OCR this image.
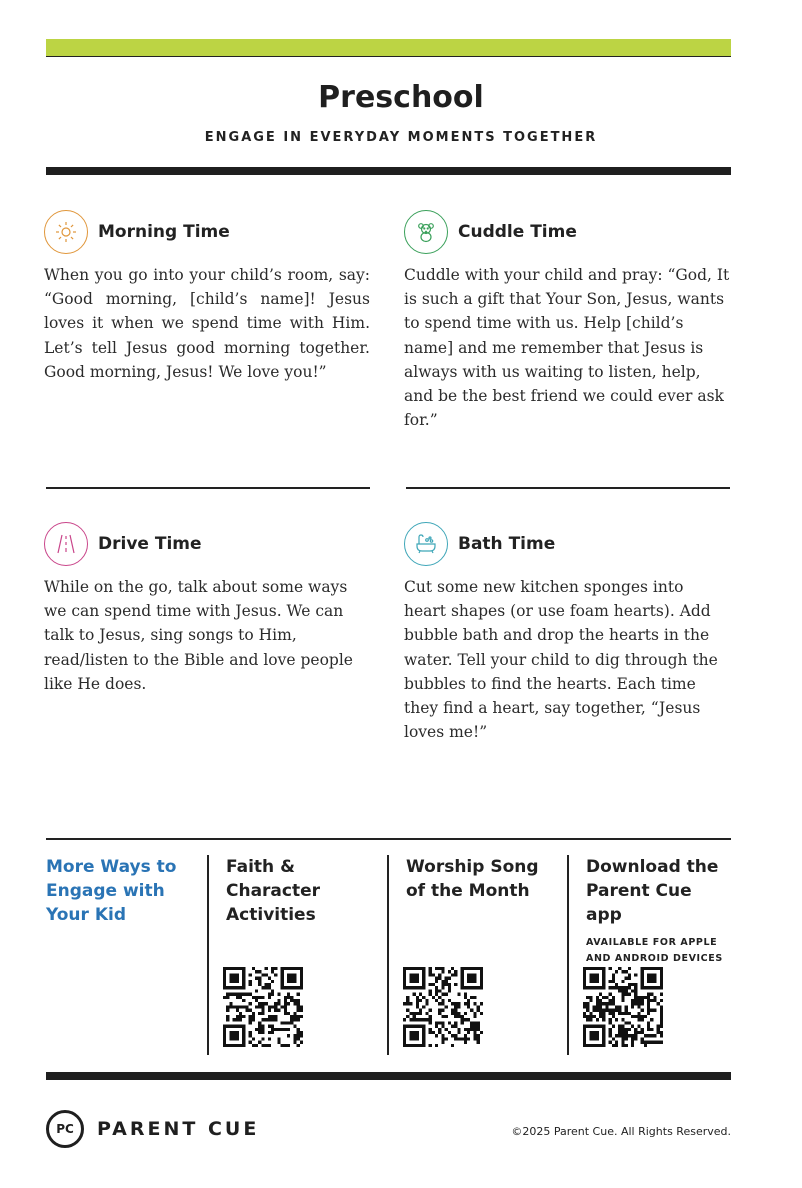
Preschool
ENGAGE IN EVERYDAY MOMENTS TOGETHER
Morning Time
When you go into your child’s room, say: “Good morning, [child’s name]! Jesus loves it when we spend time with Him. Let’s tell Jesus good morning together. Good morning, Jesus! We love you!”
Cuddle Time
Cuddle with your child and pray: “God, It is such a gift that Your Son, Jesus, wants to spend time with us. Help [child’s name] and me remember that Jesus is always with us waiting to listen, help, and be the best friend we could ever ask for.”
Drive Time
While on the go, talk about some ways we can spend time with Jesus. We can talk to Jesus, sing songs to Him, read/listen to the Bible and love people like He does.
Bath Time
Cut some new kitchen sponges into heart shapes (or use foam hearts). Add bubble bath and drop the hearts in the water. Tell your child to dig through the bubbles to find the hearts. Each time they find a heart, say together, “Jesus loves me!”
More Ways to Engage with Your Kid
Faith & Character Activities
Worship Song of the Month
Download the Parent Cue app
AVAILABLE FOR APPLE AND ANDROID DEVICES
PC	PARENT CUE	©2025 Parent Cue. All Rights Reserved.
